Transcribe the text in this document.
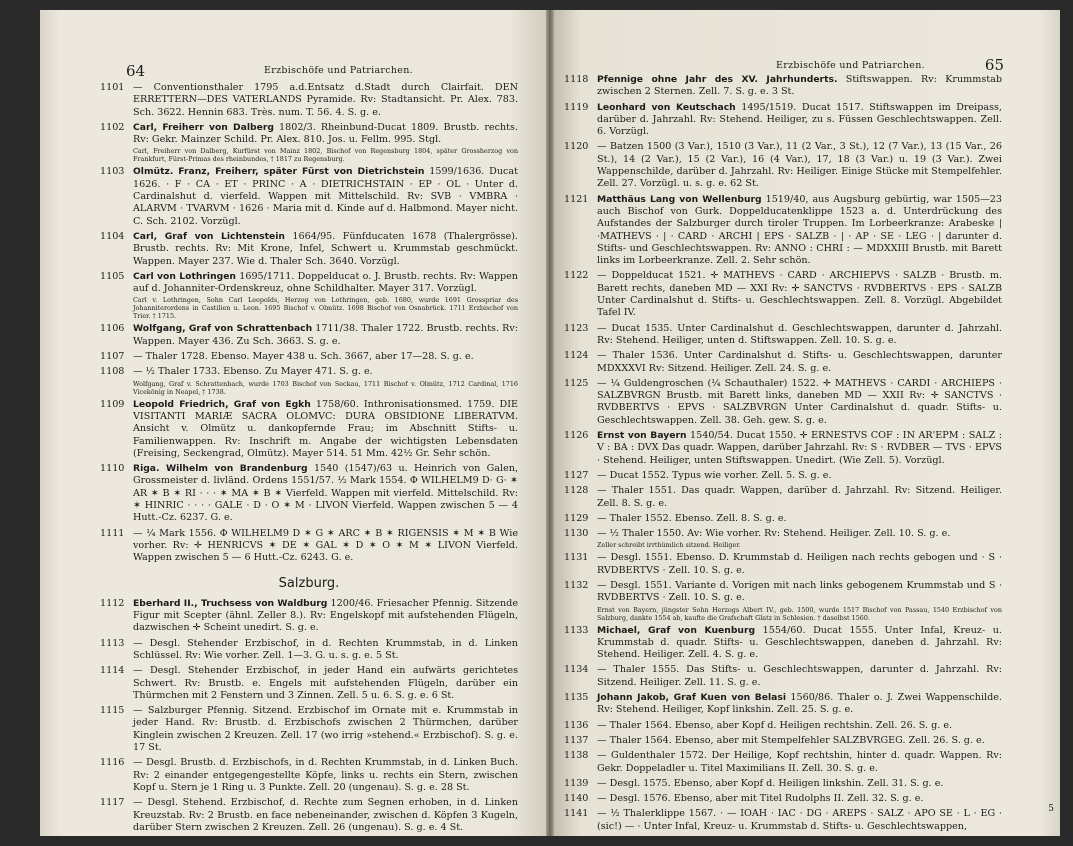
64	Erzbischöfe und Patriarchen.
1101 — Conventionsthaler 1795 a.d.Entsatz d.Stadt durch Clairfait. DEN ERRETTERN—DES VATERLANDS Pyramide. Rv: Stadtansicht. Pr. Alex. 783. Sch. 3622. Hennin 683. Très. num. T. 56. 4. S. g. e.
1102 Carl, Freiherr von Dalberg 1802/3. Rheinbund-Ducat 1809. Brustb. rechts. Rv: Gekr. Mainzer Schild. Pr. Alex. 810. Jos. u. Fellm. 995. Stgl.
Carl, Freiherr von Dalberg, Kurfürst von Mainz 1802, Bischof von Regensburg 1804, später Grossherzog von Frankfurt, Fürst-Primas des rheinbundes, † 1817 zu Regensburg.
1103 Olmütz. Franz, Freiherr, später Fürst von Dietrichstein 1599/1636. Ducat 1626. · F · CA · ET · PRINC · A · DIETRICHSTAIN · EP · OL · Unter d. Cardinalshut d. vierfeld. Wappen mit Mittelschild. Rv: SVB · VMBRA · ALARVM · TVARVM · 1626 · Maria mit d. Kinde auf d. Halbmond. Mayer nicht. C. Sch. 2102. Vorzügl.
1104 Carl, Graf von Lichtenstein 1664/95. Fünfducaten 1678 (Thalergrösse). Brustb. rechts. Rv: Mit Krone, Infel, Schwert u. Krummstab geschmückt. Wappen. Mayer 237. Wie d. Thaler Sch. 3640. Vorzügl.
1105 Carl von Lothringen 1695/1711. Doppelducat o. J. Brustb. rechts. Rv: Wappen auf d. Johanniter-Ordenskreuz, ohne Schildhalter. Mayer 317. Vorzügl.
Carl v. Lothringen, Sohn Carl Leopolds, Herzog von Lothringen, geb. 1680, wurde 1691 Grosspriar des Johanniterordens in Castilien u. Leon. 1695 Bischof v. Olmütz. 1698 Bischof von Osnabrück. 1711 Erzbischof von Trier. † 1715.
1106 Wolfgang, Graf von Schrattenbach 1711/38. Thaler 1722. Brustb. rechts. Rv: Wappen. Mayer 436. Zu Sch. 3663. S. g. e.
1107 — Thaler 1728. Ebenso. Mayer 438 u. Sch. 3667, aber 17—28. S. g. e.
1108 — ½ Thaler 1733. Ebenso. Zu Mayer 471. S. g. e.
Wolfgang, Graf v. Schrattenbach, wurde 1703 Bischof von Seckau, 1711 Bischof v. Olmütz, 1712 Cardinal, 1716 Vicekönig in Neapel, † 1738.
1109 Leopold Friedrich, Graf von Egkh 1758/60. Inthronisationsmed. 1759. DIE VISITANTI MARIÆ SACRA OLOMVC: DURA OBSIDIONE LIBERATVM. Ansicht v. Olmütz u. dankopfernde Frau; im Abschnitt Stifts- u. Familienwappen. Rv: Inschrift m. Angabe der wichtigsten Lebensdaten (Freising, Seckengrad, Olmütz). Mayer 514. 51 Mm. 42½ Gr. Sehr schön.
1110 Riga. Wilhelm von Brandenburg 1540 (1547)/63 u. Heinrich von Galen, Grossmeister d. livländ. Ordens 1551/57. ½ Mark 1554. Φ WILHELM9 D· G· ✶ AR ✶ B ✶ RI · · · ✶ MA ✶ B ✶ Vierfeld. Wappen mit vierfeld. Mittelschild. Rv: ✶ HINRIC · · · · GALE · D · O ✶ M · LIVON Vierfeld. Wappen zwischen 5 — 4 Hutt.-Cz. 6237. G. e.
1111 — ¼ Mark 1556. Φ WILHELM9 D ✶ G ✶ ARC ✶ B ✶ RIGENSIS ✶ M ✶ B Wie vorher. Rv: ✛ HENRICVS ✶ DE ✶ GAL ✶ D ✶ O ✶ M ✶ LIVON Vierfeld. Wappen zwischen 5 — 6 Hutt.-Cz. 6243. G. e.
Salzburg.
1112 Eberhard II., Truchsess von Waldburg 1200/46. Friesacher Pfennig. Sitzende Figur mit Scepter (ähnl. Zeller 8.). Rv: Engelskopf mit aufstehenden Flügeln, dazwischen ✛ Scheint unedirt. S. g. e.
1113 — Desgl. Stehender Erzbischof, in d. Rechten Krummstab, in d. Linken Schlüssel. Rv: Wie vorher. Zell. 1—3. G. u. s. g. e. 5 St.
1114 — Desgl. Stehender Erzbischof, in jeder Hand ein aufwärts gerichtetes Schwert. Rv: Brustb. e. Engels mit aufstehenden Flügeln, darüber ein Thürmchen mit 2 Fenstern und 3 Zinnen. Zell. 5 u. 6. S. g. e. 6 St.
1115 — Salzburger Pfennig. Sitzend. Erzbischof im Ornate mit e. Krummstab in jeder Hand. Rv: Brustb. d. Erzbischofs zwischen 2 Thürmchen, darüber Kinglein zwischen 2 Kreuzen. Zell. 17 (wo irrig »stehend.« Erzbischof). S. g. e. 17 St.
1116 — Desgl. Brustb. d. Erzbischofs, in d. Rechten Krummstab, in d. Linken Buch. Rv: 2 einander entgegengestellte Köpfe, links u. rechts ein Stern, zwischen Kopf u. Stern je 1 Ring u. 3 Punkte. Zell. 20 (ungenau). S. g. e. 28 St.
1117 — Desgl. Stehend. Erzbischof, d. Rechte zum Segnen erhoben, in d. Linken Kreuzstab. Rv: 2 Brustb. en face nebeneinander, zwischen d. Köpfen 3 Kugeln, darüber Stern zwischen 2 Kreuzen. Zell. 26 (ungenau). S. g. e. 4 St.
65
Erzbischöfe und Patriarchen.
1118 Pfennige ohne Jahr des XV. Jahrhunderts. Stiftswappen. Rv: Krummstab zwischen 2 Sternen. Zell. 7. S. g. e. 3 St.
1119 Leonhard von Keutschach 1495/1519. Ducat 1517. Stiftswappen im Dreipass, darüber d. Jahrzahl. Rv: Stehend. Heiliger, zu s. Füssen Geschlechtswappen. Zell. 6. Vorzügl.
1120 — Batzen 1500 (3 Var.), 1510 (3 Var.), 11 (2 Var., 3 St.), 12 (7 Var.), 13 (15 Var., 26 St.), 14 (2 Var.), 15 (2 Var.), 16 (4 Var.), 17, 18 (3 Var.) u. 19 (3 Var.). Zwei Wappenschilde, darüber d. Jahrzahl. Rv: Heiliger. Einige Stücke mit Stempelfehler. Zell. 27. Vorzügl. u. s. g. e. 62 St.
1121 Matthäus Lang von Wellenburg 1519/40, aus Augsburg gebürtig, war 1505—23 auch Bischof von Gurk. Doppelducatenklippe 1523 a. d. Unterdrückung des Aufstandes der Salzburger durch tiroler Truppen. Im Lorbeerkranze: Arabeske | ·MATHEVS · | · CARD · ARCHI | EPS · SALZB · | · AP · SE · LEG · | darunter d. Stifts- und Geschlechtswappen. Rv: ANNO : CHRI : — MDXXIII Brustb. mit Barett links im Lorbeerkranze. Zell. 2. Sehr schön.
1122 — Doppelducat 1521. ✛ MATHEVS · CARD · ARCHIEPVS · SALZB · Brustb. m. Barett rechts, daneben MD — XXI Rv: ✛ SANCTVS · RVDBERTVS · EPS · SALZB Unter Cardinalshut d. Stifts- u. Geschlechtswappen. Zell. 8. Vorzügl. Abgebildet Tafel IV.
1123 — Ducat 1535. Unter Cardinalshut d. Geschlechtswappen, darunter d. Jahrzahl. Rv: Stehend. Heiliger, unten d. Stiftswappen. Zell. 10. S. g. e.
1124 — Thaler 1536. Unter Cardinalshut d. Stifts- u. Geschlechtswappen, darunter MDXXXVI Rv: Sitzend. Heiliger. Zell. 24. S. g. e.
1125 — ¼ Guldengroschen (¼ Schauthaler) 1522. ✛ MATHEVS · CARDI · ARCHIEPS · SALZBVRGN Brustb. mit Barett links, daneben MD — XXII Rv: ✛ SANCTVS · RVDBERTVS · EPVS · SALZBVRGN Unter Cardinalshut d. quadr. Stifts- u. Geschlechtswappen. Zell. 38. Geh. gew. S. g. e.
1126 Ernst von Bayern 1540/54. Ducat 1550. ✛ ERNESTVS COF : IN AR'EPM : SALZ : V : BA : DVX Das quadr. Wappen, darüber Jahrzahl. Rv: S · RVDBER — TVS · EPVS · Stehend. Heiliger, unten Stiftswappen. Unedirt. (Wie Zell. 5). Vorzügl.
1127 — Ducat 1552. Typus wie vorher. Zell. 5. S. g. e.
1128 — Thaler 1551. Das quadr. Wappen, darüber d. Jahrzahl. Rv: Sitzend. Heiliger. Zell. 8. S. g. e.
1129 — Thaler 1552. Ebenso. Zell. 8. S. g. e.
1130 — ½ Thaler 1550. Av: Wie vorher. Rv: Stehend. Heiliger. Zell. 10. S. g. e.
Zeller schreibt irrthümlich sitzend. Heiliger.
1131 — Desgl. 1551. Ebenso. D. Krummstab d. Heiligen nach rechts gebogen und · S · RVDBERTVS · Zell. 10. S. g. e.
1132 — Desgl. 1551. Variante d. Vorigen mit nach links gebogenem Krummstab und S · RVDBERTVS · Zell. 10. S. g. e.
Ernst von Bayern, jüngster Sohn Herzogs Albert IV., geb. 1500, wurde 1517 Bischof von Passau, 1540 Erzbischof von Salzburg, dankte 1554 ab, kaufte die Grafschaft Glatz in Schlesien. † daselbst 1560.
1133 Michael, Graf von Kuenburg 1554/60. Ducat 1555. Unter Infal, Kreuz- u. Krummstab d. quadr. Stifts- u. Geschlechtswappen, daneben d. Jahrzahl. Rv: Stehend. Heiliger. Zell. 4. S. g. e.
1134 — Thaler 1555. Das Stifts- u. Geschlechtswappen, darunter d. Jahrzahl. Rv: Sitzend. Heiliger. Zell. 11. S. g. e.
1135 Johann Jakob, Graf Kuen von Belasi 1560/86. Thaler o. J. Zwei Wappenschilde. Rv: Stehend. Heiliger, Kopf linkshin. Zell. 25. S. g. e.
1136 — Thaler 1564. Ebenso, aber Kopf d. Heiligen rechtshin. Zell. 26. S. g. e.
1137 — Thaler 1564. Ebenso, aber mit Stempelfehler SALZBVRGEG. Zell. 26. S. g. e.
1138 — Guldenthaler 1572. Der Heilige, Kopf rechtshin, hinter d. quadr. Wappen. Rv: Gekr. Doppeladler u. Titel Maximilians II. Zell. 30. S. g. e.
1139 — Desgl. 1575. Ebenso, aber Kopf d. Heiligen linkshin. Zell. 31. S. g. e.
1140 — Desgl. 1576. Ebenso, aber mit Titel Rudolphs II. Zell. 32. S. g. e.
1141 — ½ Thalerklippe 1567. · — IOAH · IAC · DG · AREPS · SALZ · APO SE · L · EG · (sic!) — · Unter Infal, Kreuz- u. Krummstab d. Stifts- u. Geschlechtswappen,
5
